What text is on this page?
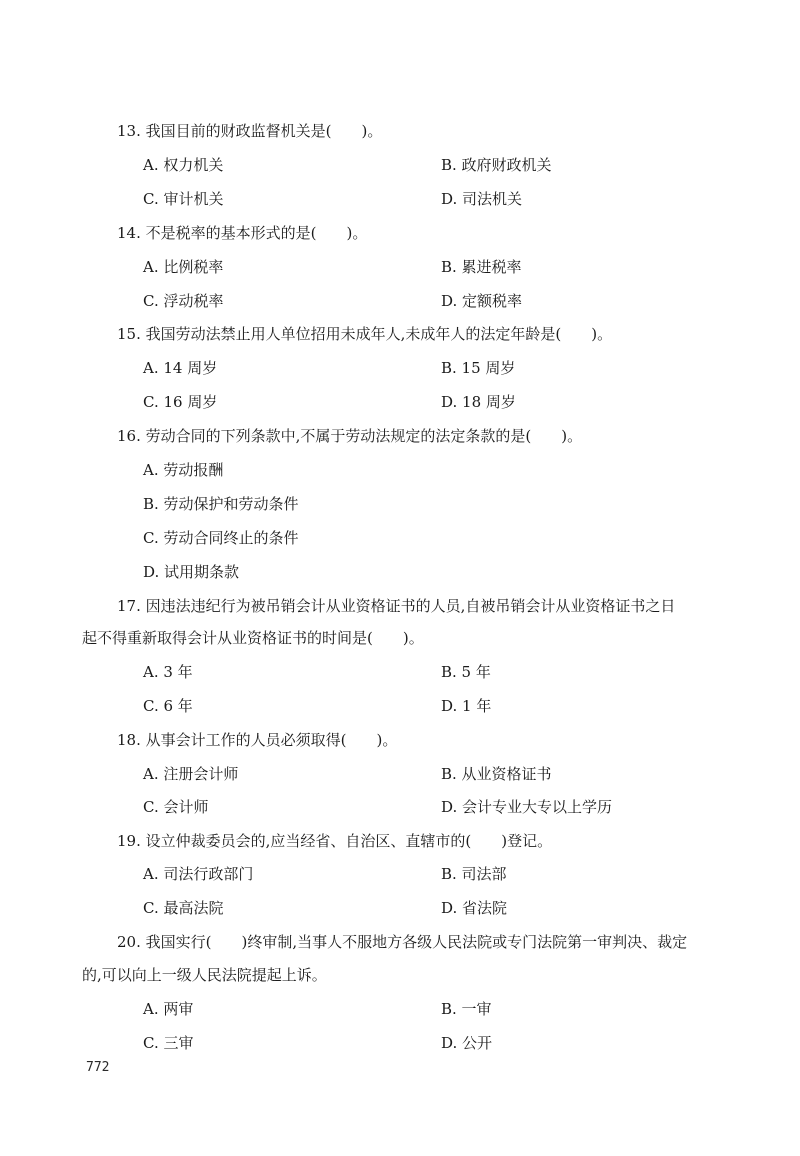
13. 我国目前的财政监督机关是(　　)。
A. 权力机关	B. 政府财政机关
C. 审计机关	D. 司法机关
14. 不是税率的基本形式的是(　　)。
A. 比例税率	B. 累进税率
C. 浮动税率	D. 定额税率
15. 我国劳动法禁止用人单位招用未成年人,未成年人的法定年龄是(　　)。
A. 14 周岁	B. 15 周岁
C. 16 周岁	D. 18 周岁
16. 劳动合同的下列条款中,不属于劳动法规定的法定条款的是(　　)。
A. 劳动报酬
B. 劳动保护和劳动条件
C. 劳动合同终止的条件
D. 试用期条款
17. 因违法违纪行为被吊销会计从业资格证书的人员,自被吊销会计从业资格证书之日
起不得重新取得会计从业资格证书的时间是(　　)。
A. 3 年	B. 5 年
C. 6 年	D. 1 年
18. 从事会计工作的人员必须取得(　　)。
A. 注册会计师	B. 从业资格证书
C. 会计师	D. 会计专业大专以上学历
19. 设立仲裁委员会的,应当经省、自治区、直辖市的(　　)登记。
A. 司法行政部门	B. 司法部
C. 最高法院	D. 省法院
20. 我国实行(　　)终审制,当事人不服地方各级人民法院或专门法院第一审判决、裁定
的,可以向上一级人民法院提起上诉。
A. 两审	B. 一审
C. 三审	D. 公开
772
